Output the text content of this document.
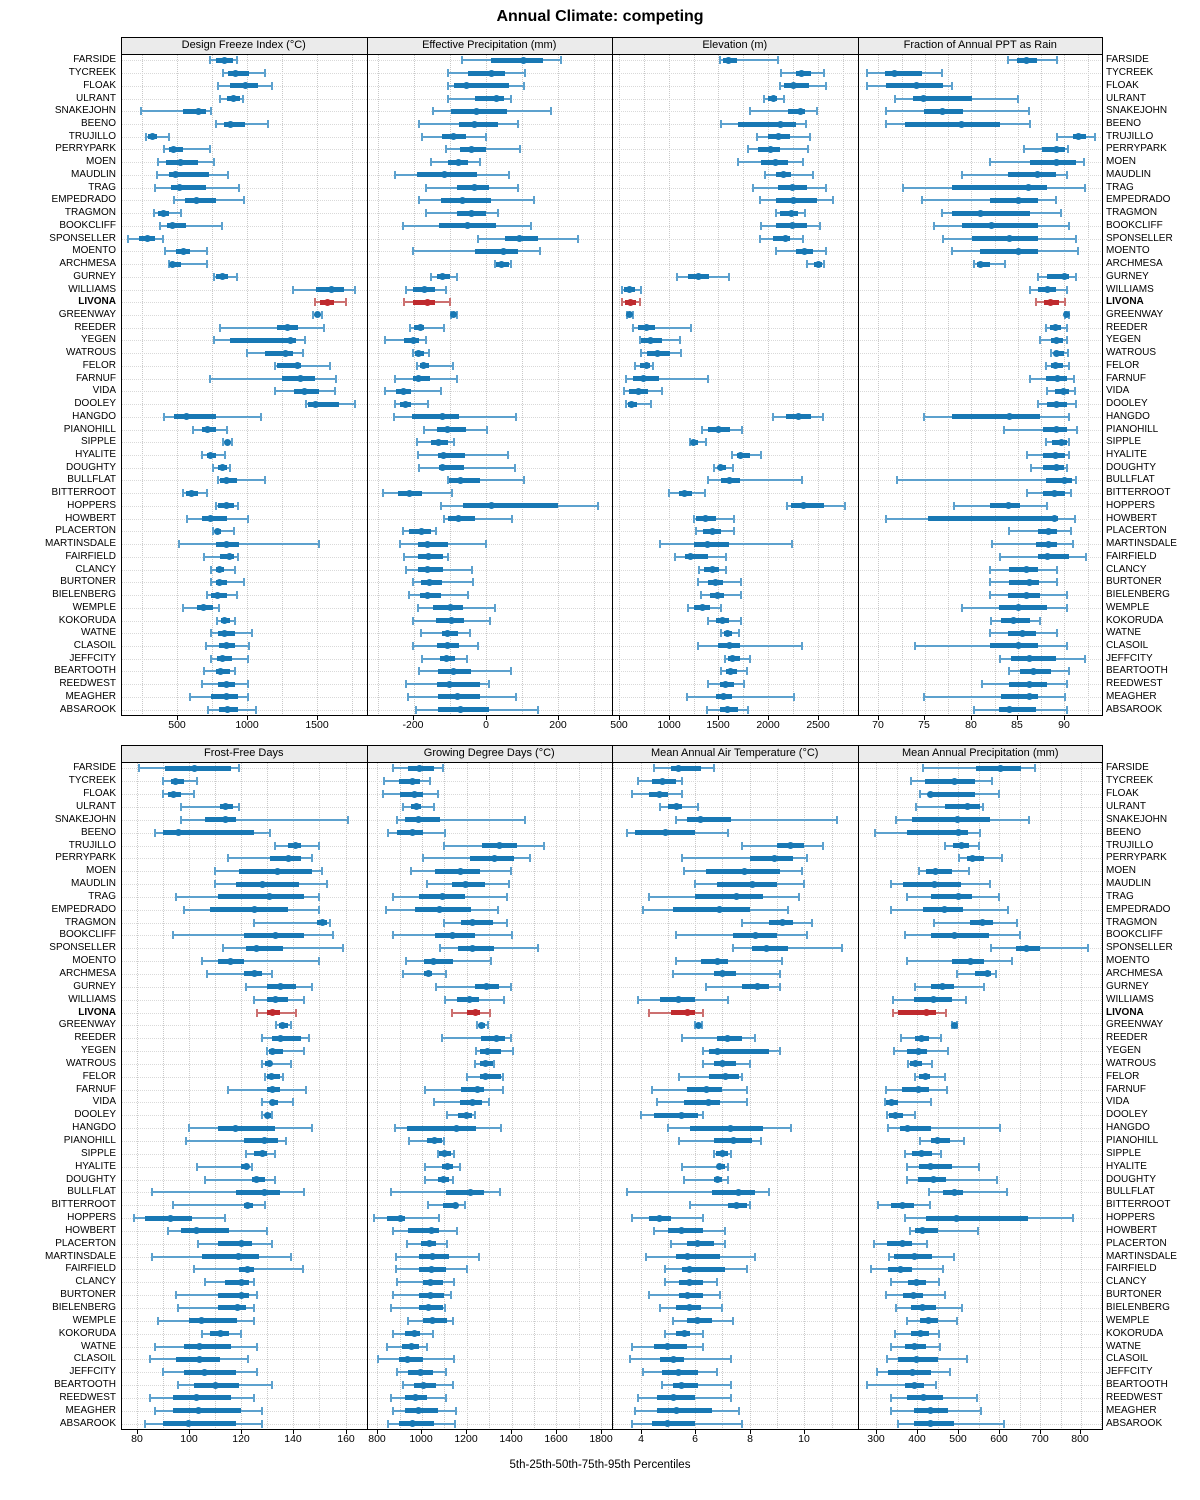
Annual Climate: competing
5th-25th-50th-75th-95th Percentiles
Design Freeze Index (°C)
500	1000	1500
Effective Precipitation (mm)
-200	0	200
Elevation (m)
500	1000	1500	2000	2500
Fraction of Annual PPT as Rain
70	75	80	85	90
FARSIDE	FARSIDE
TYCREEK	TYCREEK
FLOAK	FLOAK
ULRANT	ULRANT
SNAKEJOHN	SNAKEJOHN
BEENO	BEENO
TRUJILLO	TRUJILLO
PERRYPARK	PERRYPARK
MOEN	MOEN
MAUDLIN	MAUDLIN
TRAG	TRAG
EMPEDRADO	EMPEDRADO
TRAGMON	TRAGMON
BOOKCLIFF	BOOKCLIFF
SPONSELLER	SPONSELLER
MOENTO	MOENTO
ARCHMESA	ARCHMESA
GURNEY	GURNEY
WILLIAMS	WILLIAMS
LIVONA	LIVONA
GREENWAY	GREENWAY
REEDER	REEDER
YEGEN	YEGEN
WATROUS	WATROUS
FELOR	FELOR
FARNUF	FARNUF
VIDA	VIDA
DOOLEY	DOOLEY
HANGDO	HANGDO
PIANOHILL	PIANOHILL
SIPPLE	SIPPLE
HYALITE	HYALITE
DOUGHTY	DOUGHTY
BULLFLAT	BULLFLAT
BITTERROOT	BITTERROOT
HOPPERS	HOPPERS
HOWBERT	HOWBERT
PLACERTON	PLACERTON
MARTINSDALE	MARTINSDALE
FAIRFIELD	FAIRFIELD
CLANCY	CLANCY
BURTONER	BURTONER
BIELENBERG	BIELENBERG
WEMPLE	WEMPLE
KOKORUDA	KOKORUDA
WATNE	WATNE
CLASOIL	CLASOIL
JEFFCITY	JEFFCITY
BEARTOOTH	BEARTOOTH
REEDWEST	REEDWEST
MEAGHER	MEAGHER
ABSAROOK	ABSAROOK
Frost-Free Days
80	100	120	140	160
Growing Degree Days (°C)
800	1000	1200	1400	1600	1800
Mean Annual Air Temperature (°C)
4	6	8	10
Mean Annual Precipitation (mm)
300	400	500	600	700	800
FARSIDE	FARSIDE
TYCREEK	TYCREEK
FLOAK	FLOAK
ULRANT	ULRANT
SNAKEJOHN	SNAKEJOHN
BEENO	BEENO
TRUJILLO	TRUJILLO
PERRYPARK	PERRYPARK
MOEN	MOEN
MAUDLIN	MAUDLIN
TRAG	TRAG
EMPEDRADO	EMPEDRADO
TRAGMON	TRAGMON
BOOKCLIFF	BOOKCLIFF
SPONSELLER	SPONSELLER
MOENTO	MOENTO
ARCHMESA	ARCHMESA
GURNEY	GURNEY
WILLIAMS	WILLIAMS
LIVONA	LIVONA
GREENWAY	GREENWAY
REEDER	REEDER
YEGEN	YEGEN
WATROUS	WATROUS
FELOR	FELOR
FARNUF	FARNUF
VIDA	VIDA
DOOLEY	DOOLEY
HANGDO	HANGDO
PIANOHILL	PIANOHILL
SIPPLE	SIPPLE
HYALITE	HYALITE
DOUGHTY	DOUGHTY
BULLFLAT	BULLFLAT
BITTERROOT	BITTERROOT
HOPPERS	HOPPERS
HOWBERT	HOWBERT
PLACERTON	PLACERTON
MARTINSDALE	MARTINSDALE
FAIRFIELD	FAIRFIELD
CLANCY	CLANCY
BURTONER	BURTONER
BIELENBERG	BIELENBERG
WEMPLE	WEMPLE
KOKORUDA	KOKORUDA
WATNE	WATNE
CLASOIL	CLASOIL
JEFFCITY	JEFFCITY
BEARTOOTH	BEARTOOTH
REEDWEST	REEDWEST
MEAGHER	MEAGHER
ABSAROOK	ABSAROOK
